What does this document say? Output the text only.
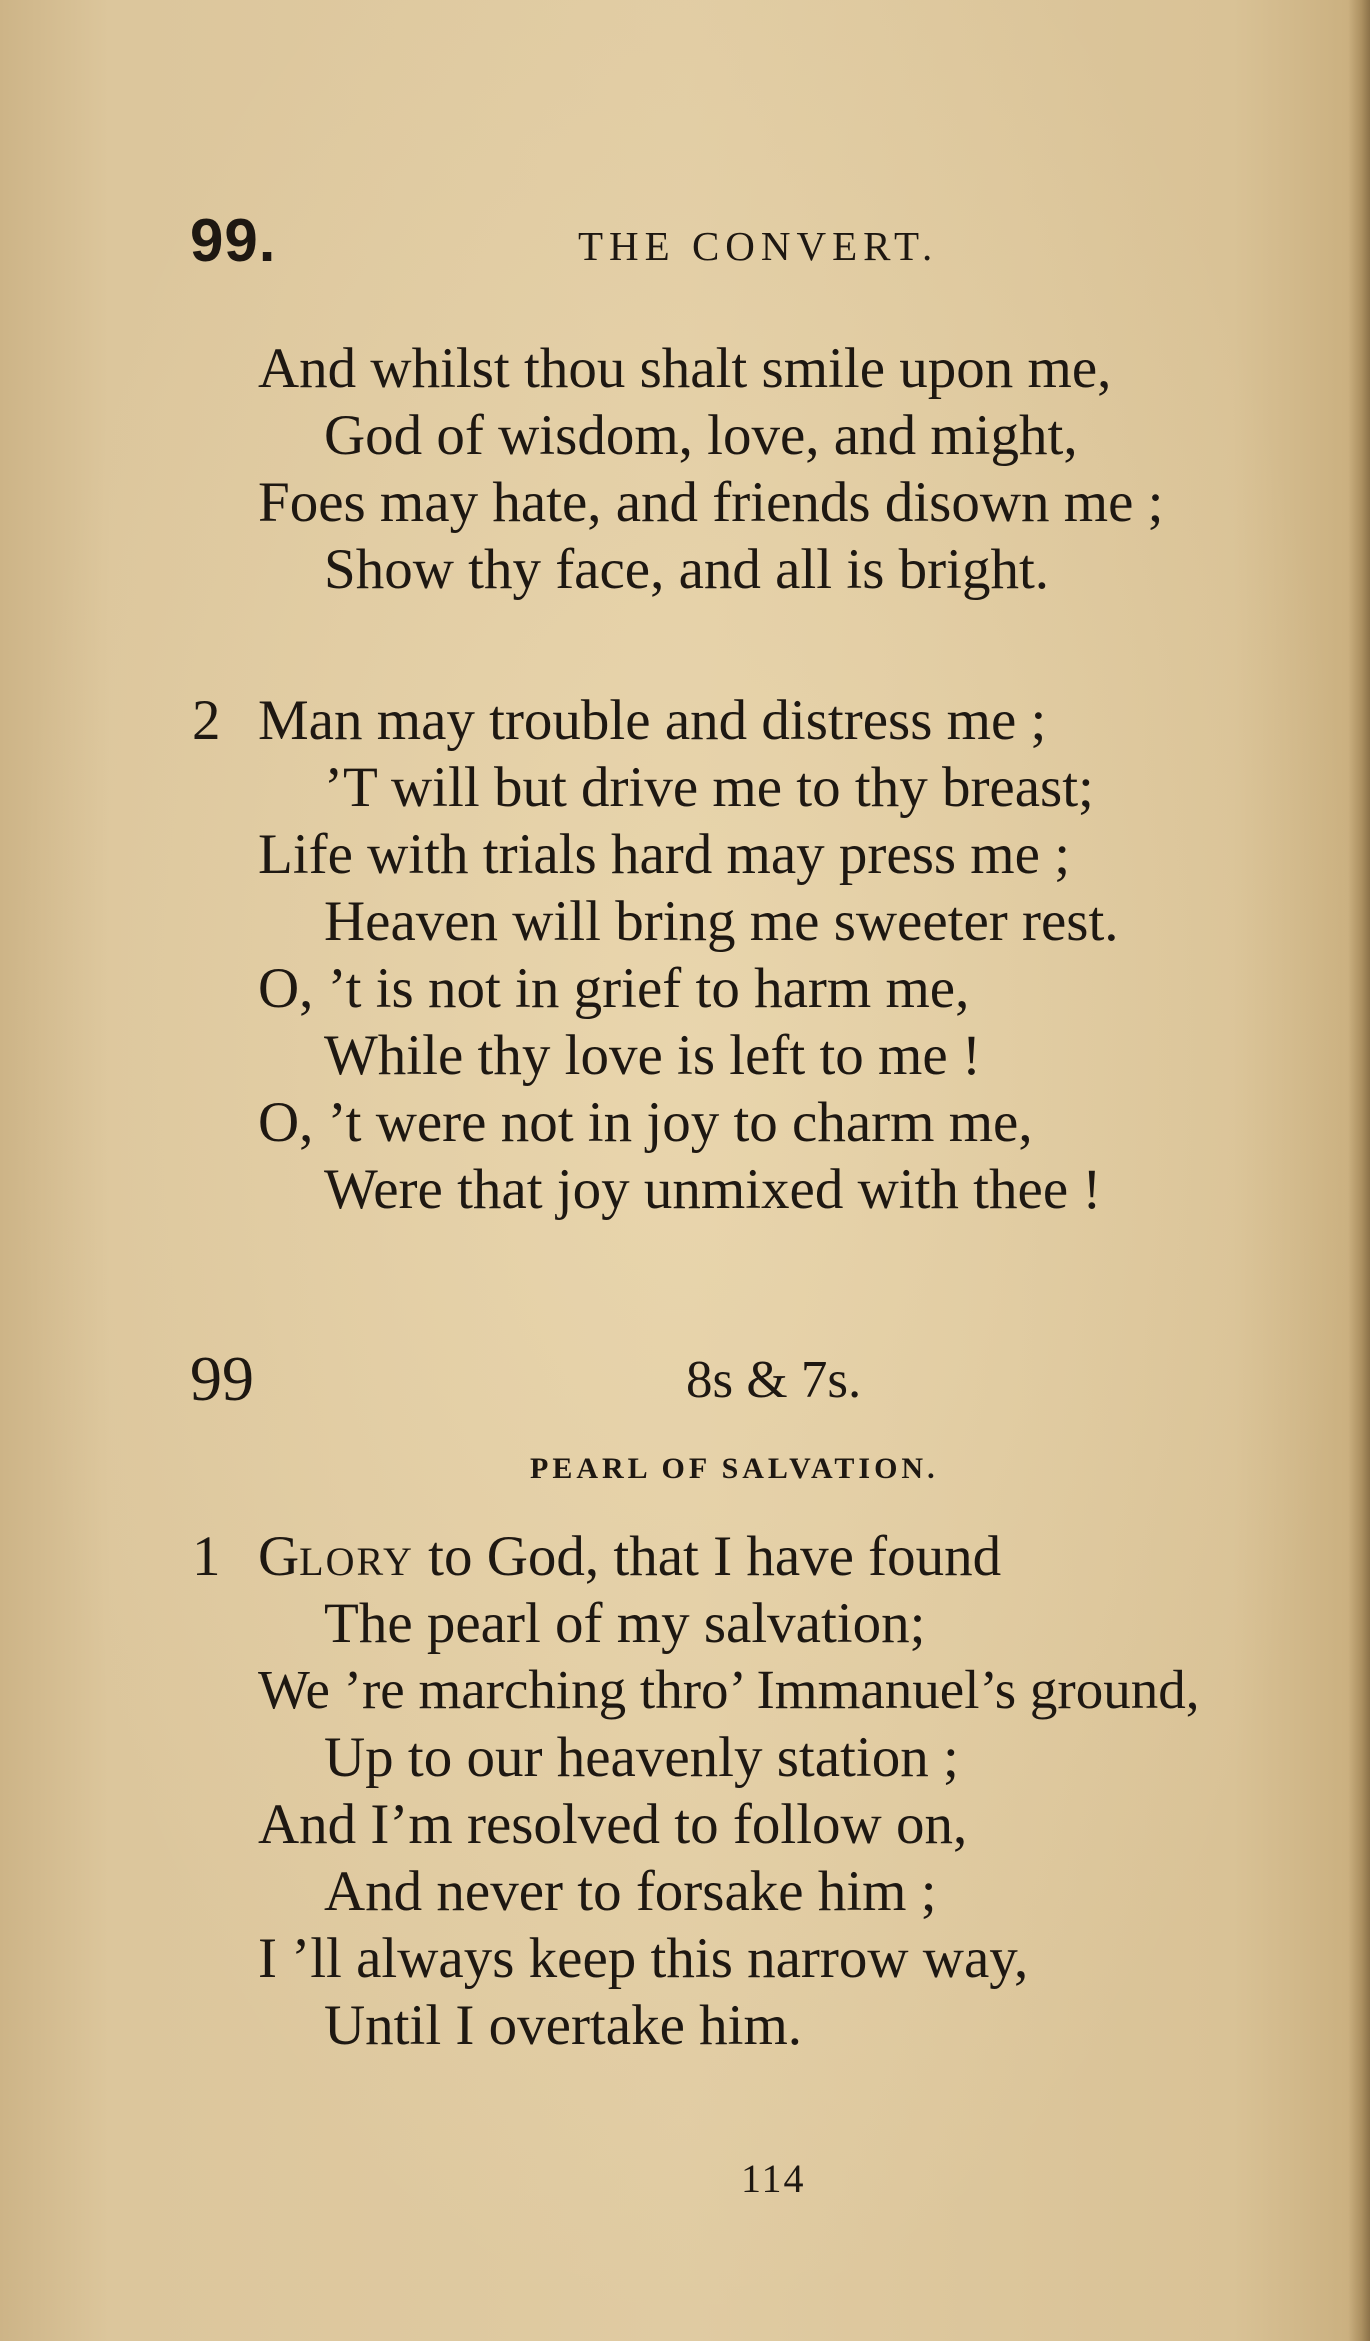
99.	THE CONVERT.
And whilst thou shalt smile upon me,
God of wisdom, love, and might,
Foes may hate, and friends disown me ;
Show thy face, and all is bright.
2 Man may trouble and distress me ;
’T will but drive me to thy breast;
Life with trials hard may press me ;
Heaven will bring me sweeter rest.
O, ’t is not in grief to harm me,
While thy love is left to me !
O, ’t were not in joy to charm me,
Were that joy unmixed with thee !
99	8s & 7s.
PEARL OF SALVATION.
1 GLORY to God, that I have found
The pearl of my salvation;
We ’re marching thro’ Immanuel’s ground,
Up to our heavenly station ;
And I’m resolved to follow on,
And never to forsake him ;
I ’ll always keep this narrow way,
Until I overtake him.
114
